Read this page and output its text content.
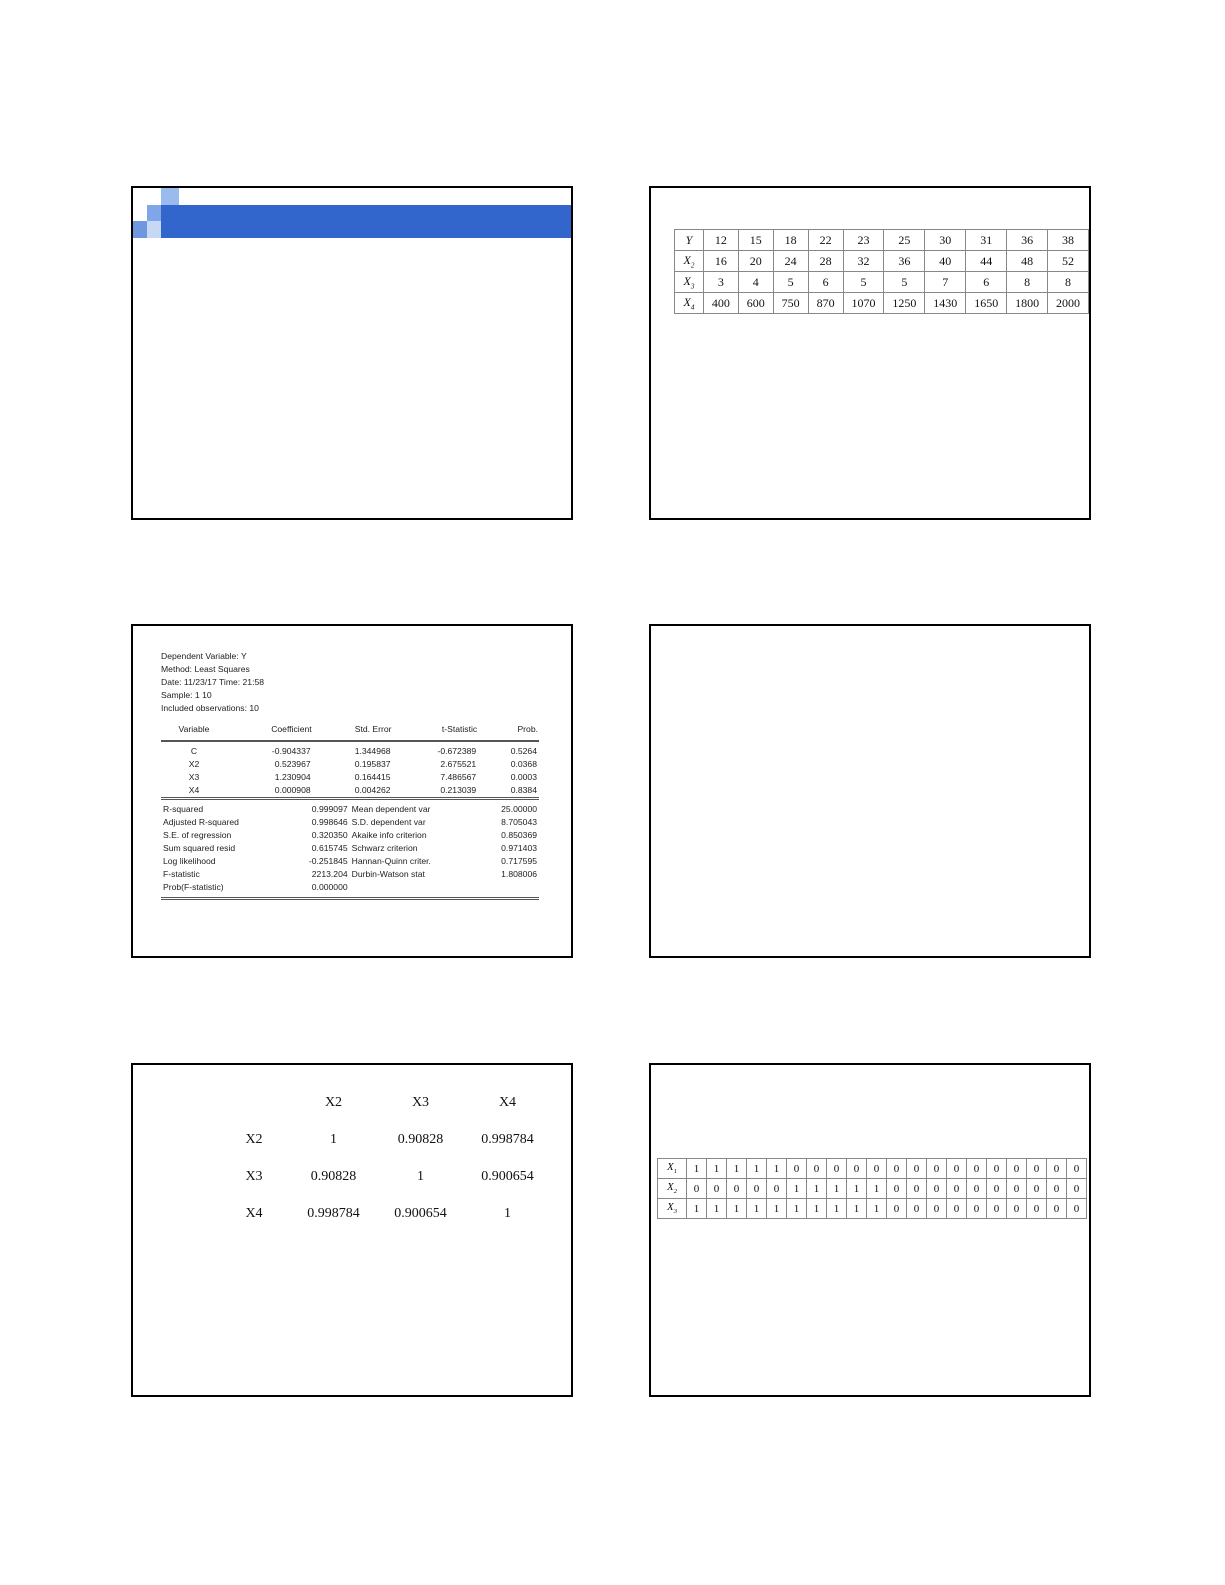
Y	12	15	18	22	23	25	30	31	36	38
$X_2$	16	20	24	28	32	36	40	44	48	52
$X_3$	3	4	5	6	5	5	7	6	8	8
$X_4$	400	600	750	870	1070	1250	1430	1650	1800	2000
Dependent Variable: Y
Method: Least Squares
Date: 11/23/17 Time: 21:58
Sample: 1 10
Included observations: 10
Variable	Coefficient	Std. Error	t-Statistic	Prob.
C	-0.904337	1.344968	-0.672389	0.5264
X2	0.523967	0.195837	2.675521	0.0368
X3	1.230904	0.164415	7.486567	0.0003
X4	0.000908	0.004262	0.213039	0.8384
R-squared	0.999097	Mean dependent var	25.00000
Adjusted R-squared	0.998646	S.D. dependent var	8.705043
S.E. of regression	0.320350	Akaike info criterion	0.850369
Sum squared resid	0.615745	Schwarz criterion	0.971403
Log likelihood	-0.251845	Hannan-Quinn criter.	0.717595
F-statistic	2213.204	Durbin-Watson stat	1.808006
Prob(F-statistic)	0.000000		
	X2	X3	X4
X2	1	0.90828	0.998784
X3	0.90828	1	0.900654
X4	0.998784	0.900654	1
$X_1$	1	1	1	1	1	0	0	0	0	0	0	0	0	0	0	0	0	0	0	0
$X_2$	0	0	0	0	0	1	1	1	1	1	0	0	0	0	0	0	0	0	0	0
$X_3$	1	1	1	1	1	1	1	1	1	1	0	0	0	0	0	0	0	0	0	0
